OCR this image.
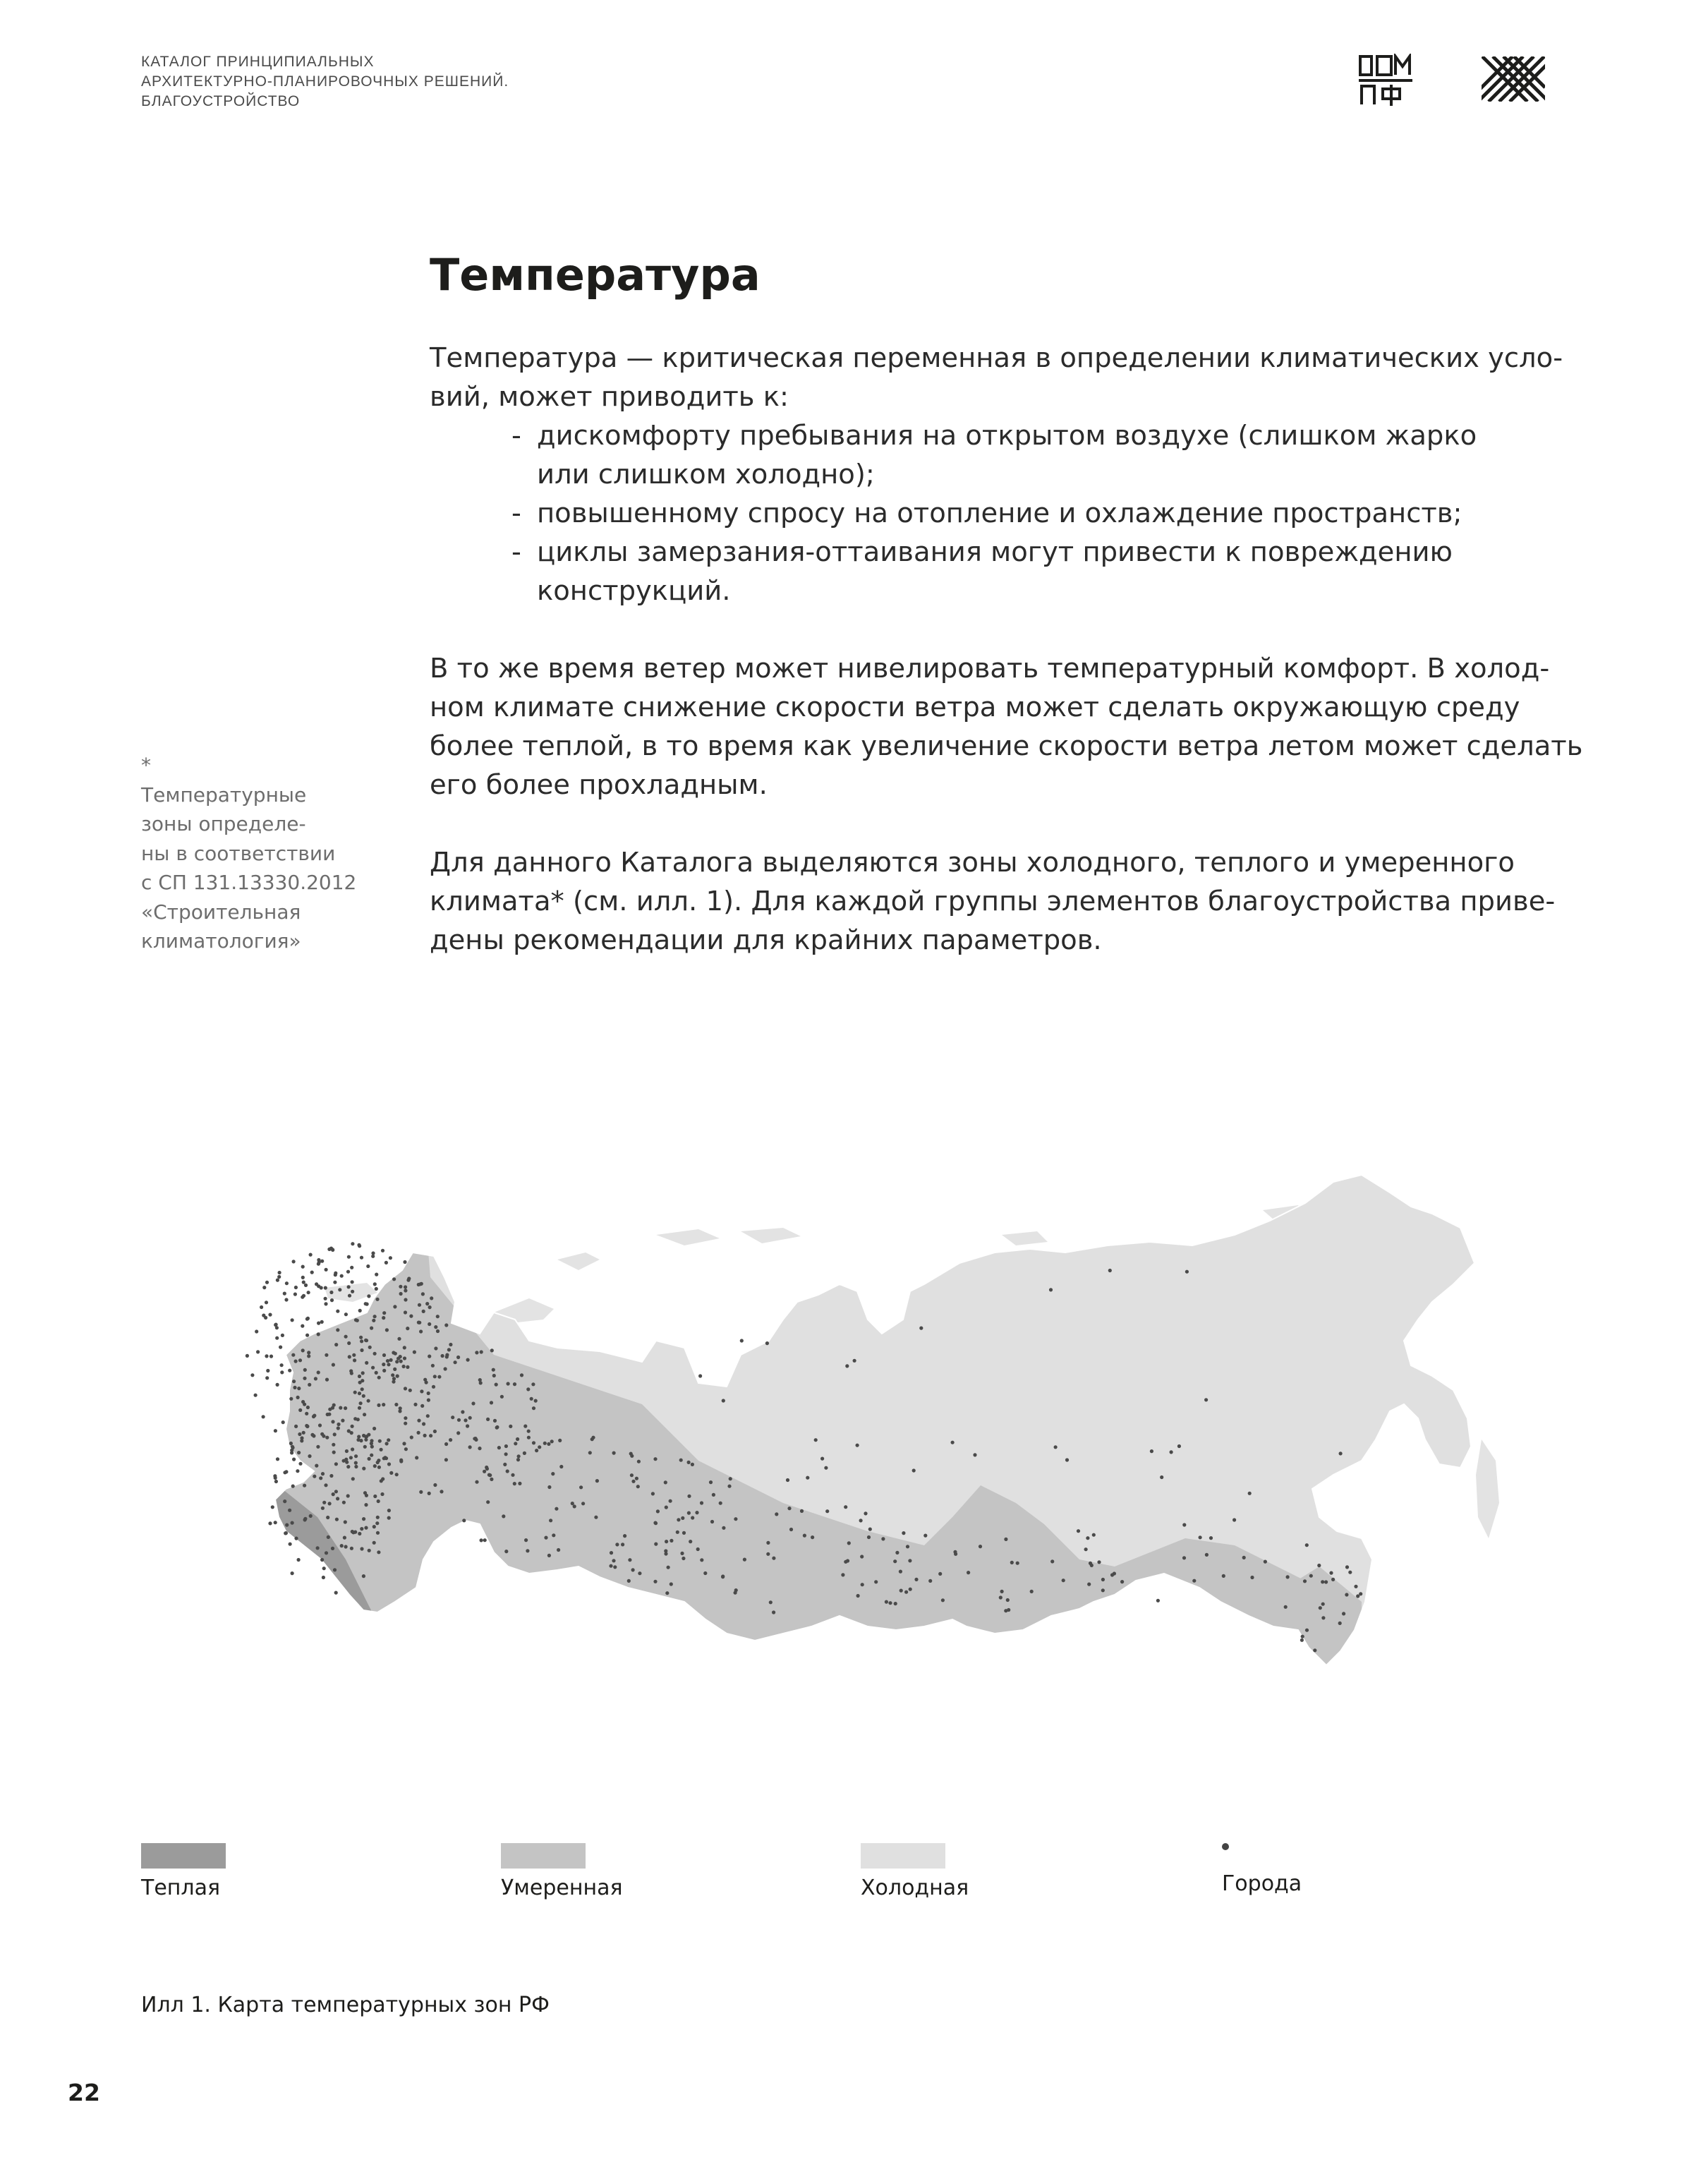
КАТАЛОГ ПРИНЦИПИАЛЬНЫХ
АРХИТЕКТУРНО-ПЛАНИРОВОЧНЫХ РЕШЕНИЙ.
БЛАГОУСТРОЙСТВО
Температура

Температура — критическая переменная в определении климатических усло-
вий, может приводить к:

- дискомфорту пребывания на открытом воздухе (слишком жарко
или слишком холодно);
- повышенному спросу на отопление и охлаждение пространств;
- циклы замерзания-оттаивания могут привести к повреждению
конструкций.

В то же время ветер может нивелировать температурный комфорт. В холод-
ном климате снижение скорости ветра может сделать окружающую среду
более теплой, в то время как увеличение скорости ветра летом может сделать
его более прохладным.

Для данного Каталога выделяются зоны холодного, теплого и умеренного
климата* (см. илл. 1). Для каждой группы элементов благоустройства приве-
дены рекомендации для крайних параметров.

*
Температурные
зоны определе-
ны в соответствии
с СП 131.13330.2012
«Строительная
климатология»
Теплая	Умеренная	Холодная	Города
Илл 1. Карта температурных зон РФ
22
